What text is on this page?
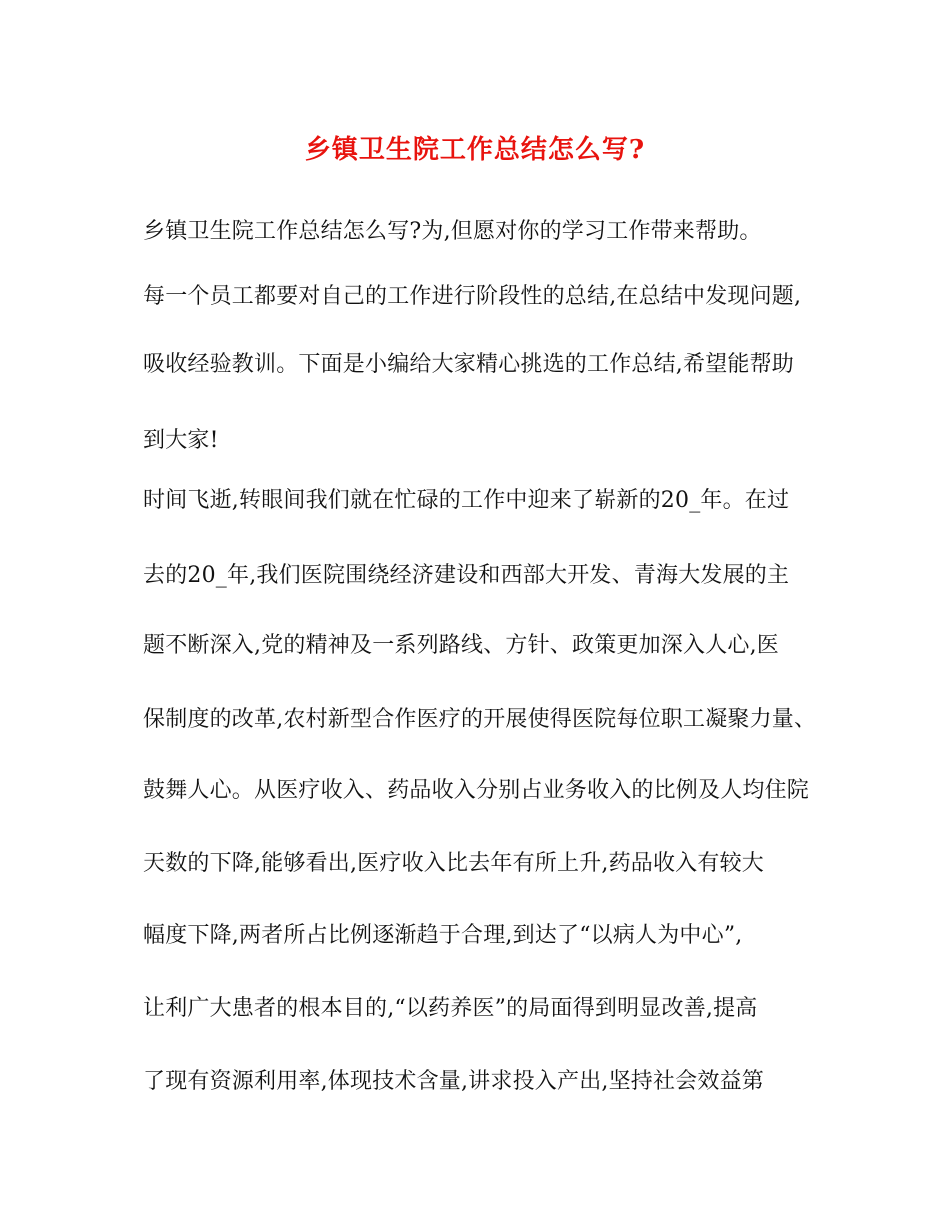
乡镇卫生院工作总结怎么写?
乡镇卫生院工作总结怎么写?为,但愿对你的学习工作带来帮助。
每一个员工都要对自己的工作进行阶段性的总结,在总结中发现问题,
吸收经验教训。下面是小编给大家精心挑选的工作总结,希望能帮助
到大家!
时间飞逝,转眼间我们就在忙碌的工作中迎来了崭新的20_年。在过
去的20_年,我们医院围绕经济建设和西部大开发、青海大发展的主
题不断深入,党的精神及一系列路线、方针、政策更加深入人心,医
保制度的改革,农村新型合作医疗的开展使得医院每位职工凝聚力量、
鼓舞人心。从医疗收入、药品收入分别占业务收入的比例及人均住院
天数的下降,能够看出,医疗收入比去年有所上升,药品收入有较大
幅度下降,两者所占比例逐渐趋于合理,到达了“以病人为中心”,
让利广大患者的根本目的,“以药养医”的局面得到明显改善,提高
了现有资源利用率,体现技术含量,讲求投入产出,坚持社会效益第
